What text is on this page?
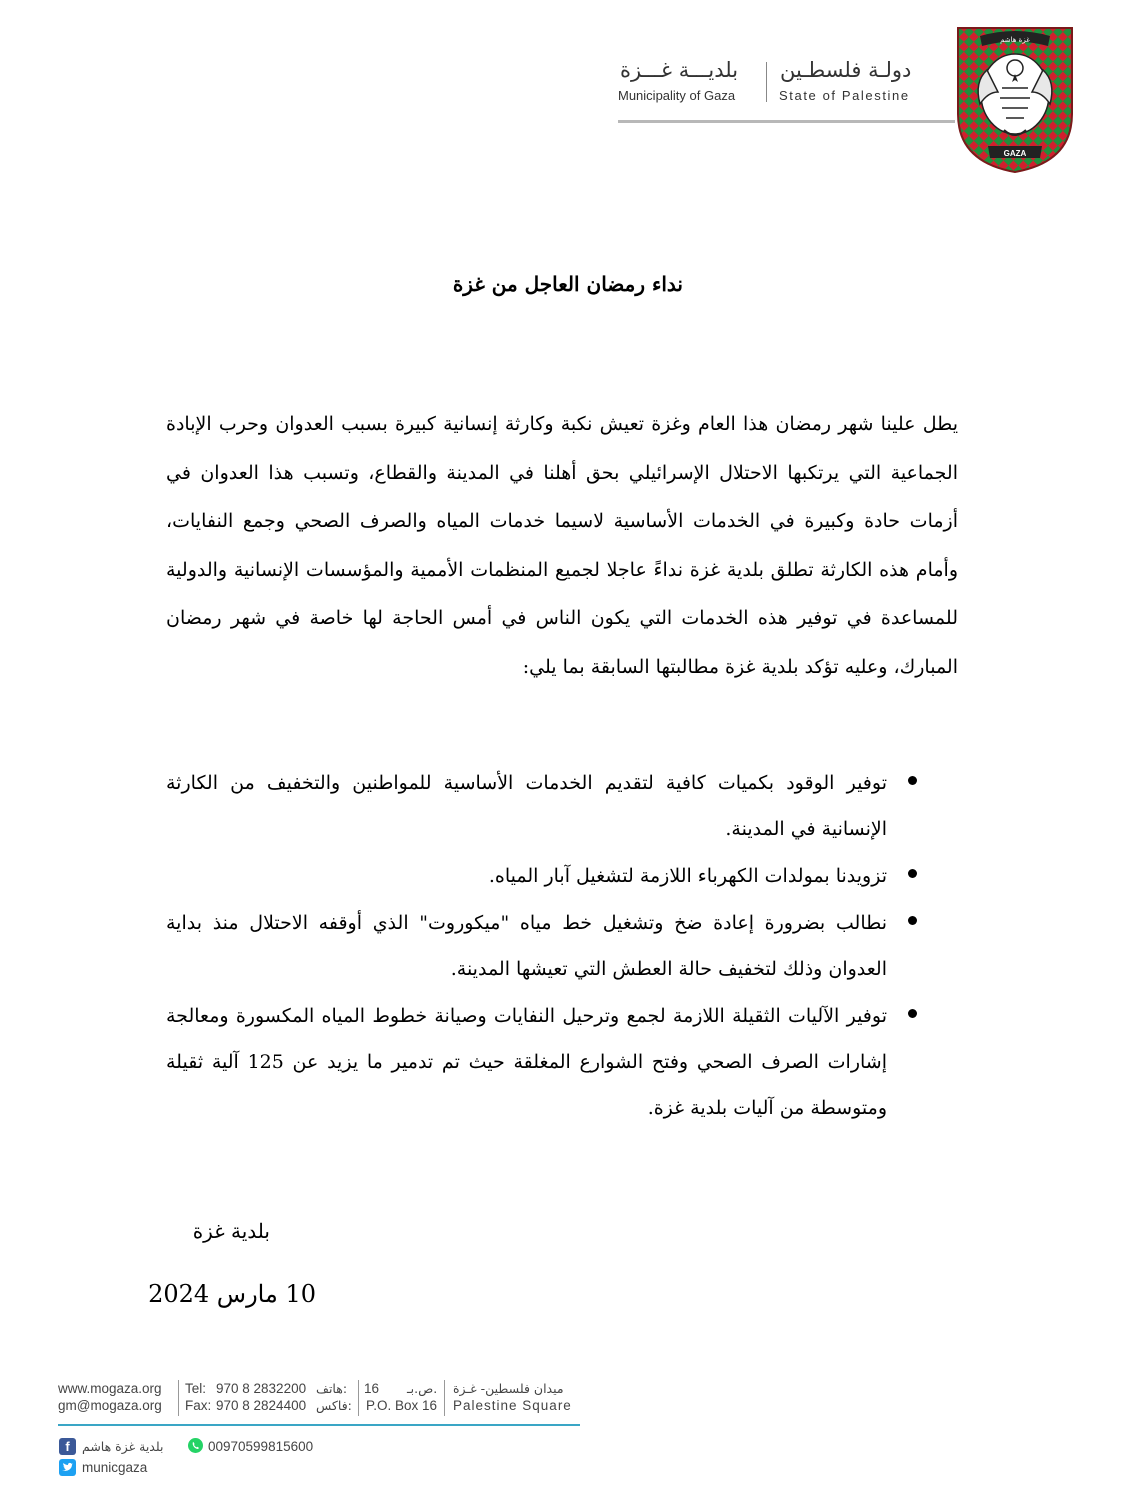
دولـة فلسطـين
State of Palestine
بلديـــة غـــزة
Municipality of Gaza
غزة هاشم
GAZA
نداء رمضان العاجل من غزة
يطل علينا شهر رمضان هذا العام وغزة تعيش نكبة وكارثة إنسانية كبيرة بسبب العدوان وحرب الإبادة الجماعية التي يرتكبها الاحتلال الإسرائيلي بحق أهلنا في المدينة والقطاع، وتسبب هذا العدوان في أزمات حادة وكبيرة في الخدمات الأساسية لاسيما خدمات المياه والصرف الصحي وجمع النفايات، وأمام هذه الكارثة تطلق بلدية غزة نداءً عاجلا لجميع المنظمات الأممية والمؤسسات الإنسانية والدولية للمساعدة في توفير هذه الخدمات التي يكون الناس في أمس الحاجة لها خاصة في شهر رمضان المبارك، وعليه تؤكد بلدية غزة مطالبتها السابقة بما يلي:
توفير الوقود بكميات كافية لتقديم الخدمات الأساسية للمواطنين والتخفيف من الكارثة الإنسانية في المدينة.
تزويدنا بمولدات الكهرباء اللازمة لتشغيل آبار المياه.
نطالب بضرورة إعادة ضخ وتشغيل خط مياه "ميكوروت" الذي أوقفه الاحتلال منذ بداية العدوان وذلك لتخفيف حالة العطش التي تعيشها المدينة.
توفير الآليات الثقيلة اللازمة لجمع وترحيل النفايات وصيانة خطوط المياه المكسورة ومعالجة إشارات الصرف الصحي وفتح الشوارع المغلقة حيث تم تدمير ما يزيد عن 125 آلية ثقيلة ومتوسطة من آليات بلدية غزة.
بلدية غزة
10 مارس 2024
www.mogaza.org
gm@mogaza.org
Tel: 970 8 2832200 هاتف:
Fax: 970 8 2824400 فاكس:
16 ص.بـ.
P.O. Box 16
ميدان فلسطين- غـزة
Palestine Square
f بلدية غزة هاشم	00970599815600
municgaza
